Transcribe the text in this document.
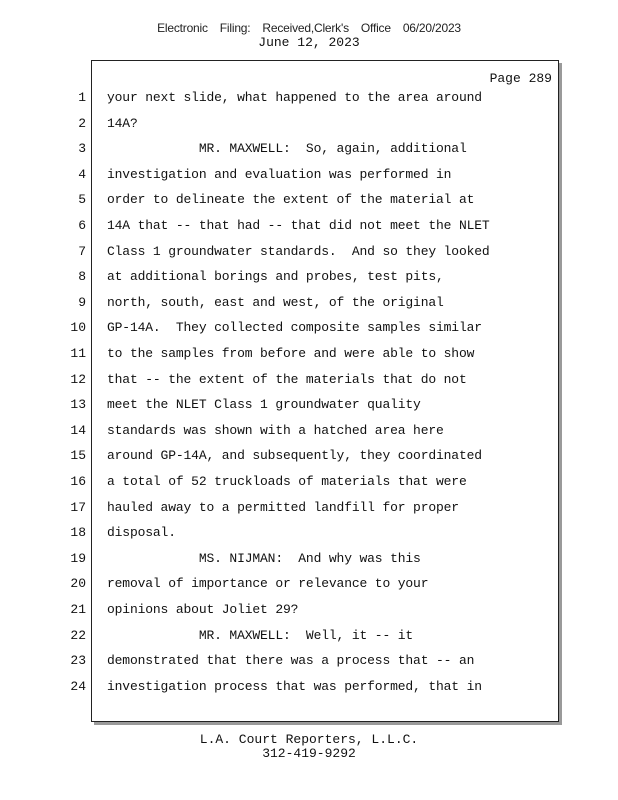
Electronic Filing: Received,Clerk's Office 06/20/2023
June 12, 2023
Page 289
1
2
3
4
5
6
7
8
9
10
11
12
13
14
15
16
17
18
19
20
21
22
23
24
your next slide, what happened to the area around
14A?
MR. MAXWELL:  So, again, additional
investigation and evaluation was performed in
order to delineate the extent of the material at
14A that -- that had -- that did not meet the NLET
Class 1 groundwater standards.  And so they looked
at additional borings and probes, test pits,
north, south, east and west, of the original
GP-14A.  They collected composite samples similar
to the samples from before and were able to show
that -- the extent of the materials that do not
meet the NLET Class 1 groundwater quality
standards was shown with a hatched area here
around GP-14A, and subsequently, they coordinated
a total of 52 truckloads of materials that were
hauled away to a permitted landfill for proper
disposal.
MS. NIJMAN:  And why was this
removal of importance or relevance to your
opinions about Joliet 29?
MR. MAXWELL:  Well, it -- it
demonstrated that there was a process that -- an
investigation process that was performed, that in
L.A. Court Reporters, L.L.C.
312-419-9292
